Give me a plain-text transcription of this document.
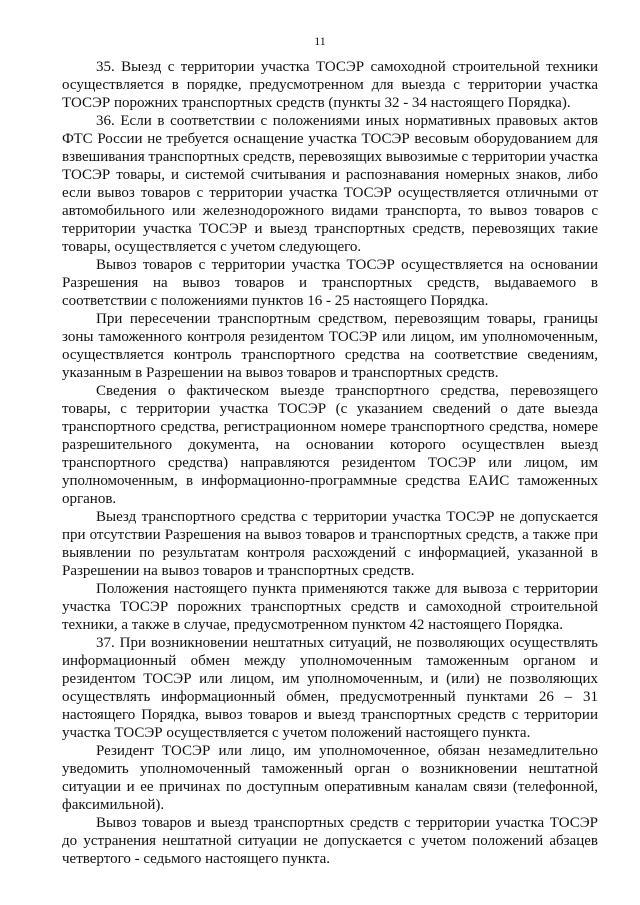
11

35. Выезд с территории участка ТОСЭР самоходной строительной техники осуществляется в порядке, предусмотренном для выезда с территории участка ТОСЭР порожних транспортных средств (пункты 32 - 34 настоящего Порядка).

36. Если в соответствии с положениями иных нормативных правовых актов ФТС России не требуется оснащение участка ТОСЭР весовым оборудованием для взвешивания транспортных средств, перевозящих вывозимые с территории участка ТОСЭР товары, и системой считывания и распознавания номерных знаков, либо если вывоз товаров с территории участка ТОСЭР осуществляется отличными от автомобильного или железнодорожного видами транспорта, то вывоз товаров с территории участка ТОСЭР и выезд транспортных средств, перевозящих такие товары, осуществляется с учетом следующего.

Вывоз товаров с территории участка ТОСЭР осуществляется на основании Разрешения на вывоз товаров и транспортных средств, выдаваемого в соответствии с положениями пунктов 16 - 25 настоящего Порядка.

При пересечении транспортным средством, перевозящим товары, границы зоны таможенного контроля резидентом ТОСЭР или лицом, им уполномоченным, осуществляется контроль транспортного средства на соответствие сведениям, указанным в Разрешении на вывоз товаров и транспортных средств.

Сведения о фактическом выезде транспортного средства, перевозящего товары, с территории участка ТОСЭР (с указанием сведений о дате выезда транспортного средства, регистрационном номере транспортного средства, номере разрешительного документа, на основании которого осуществлен выезд транспортного средства) направляются резидентом ТОСЭР или лицом, им уполномоченным, в информационно-программные средства ЕАИС таможенных органов.

Выезд транспортного средства с территории участка ТОСЭР не допускается при отсутствии Разрешения на вывоз товаров и транспортных средств, а также при выявлении по результатам контроля расхождений с информацией, указанной в Разрешении на вывоз товаров и транспортных средств.

Положения настоящего пункта применяются также для вывоза с территории участка ТОСЭР порожних транспортных средств и самоходной строительной техники, а также в случае, предусмотренном пунктом 42 настоящего Порядка.

37. При возникновении нештатных ситуаций, не позволяющих осуществлять информационный обмен между уполномоченным таможенным органом и резидентом ТОСЭР или лицом, им уполномоченным, и (или) не позволяющих осуществлять информационный обмен, предусмотренный пунктами 26 – 31 настоящего Порядка, вывоз товаров и выезд транспортных средств с территории участка ТОСЭР осуществляется с учетом положений настоящего пункта.

Резидент ТОСЭР или лицо, им уполномоченное, обязан незамедлительно уведомить уполномоченный таможенный орган о возникновении нештатной ситуации и ее причинах по доступным оперативным каналам связи (телефонной, факсимильной).

Вывоз товаров и выезд транспортных средств с территории участка ТОСЭР до устранения нештатной ситуации не допускается с учетом положений абзацев четвертого - седьмого настоящего пункта.
